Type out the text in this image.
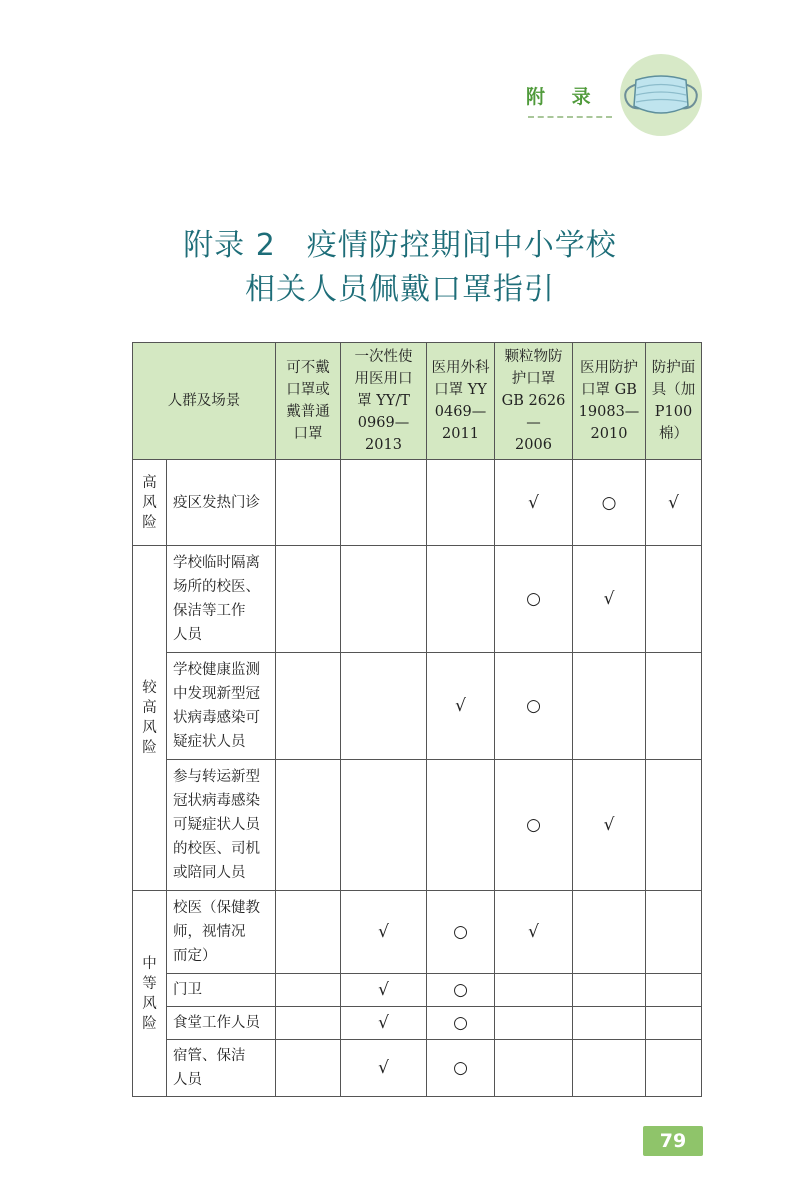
附 录
附录 2　疫情防控期间中小学校
相关人员佩戴口罩指引
人群及场景		可不戴
口罩或
戴普通
口罩	一次性使
用医用口
罩 YY/T
0969—2013	医用外科
口罩 YY
0469—
2011	颗粒物防
护口罩
GB 2626—
2006	医用防护
口罩 GB
19083—
2010	防护面
具（加
P100
棉）
高
风
险	疫区发热门诊				√	○	√
较
高
风
险	学校临时隔离
场所的校医、
保洁等工作
人员				○	√	
	学校健康监测
中发现新型冠
状病毒感染可
疑症状人员			√	○		
	参与转运新型
冠状病毒感染
可疑症状人员
的校医、司机
或陪同人员				○	√	
中
等
风
险	校医（保健教
师，视情况
而定）		√	○	√		
	门卫		√	○			
	食堂工作人员		√	○			
	宿管、保洁
人员		√	○			
79
